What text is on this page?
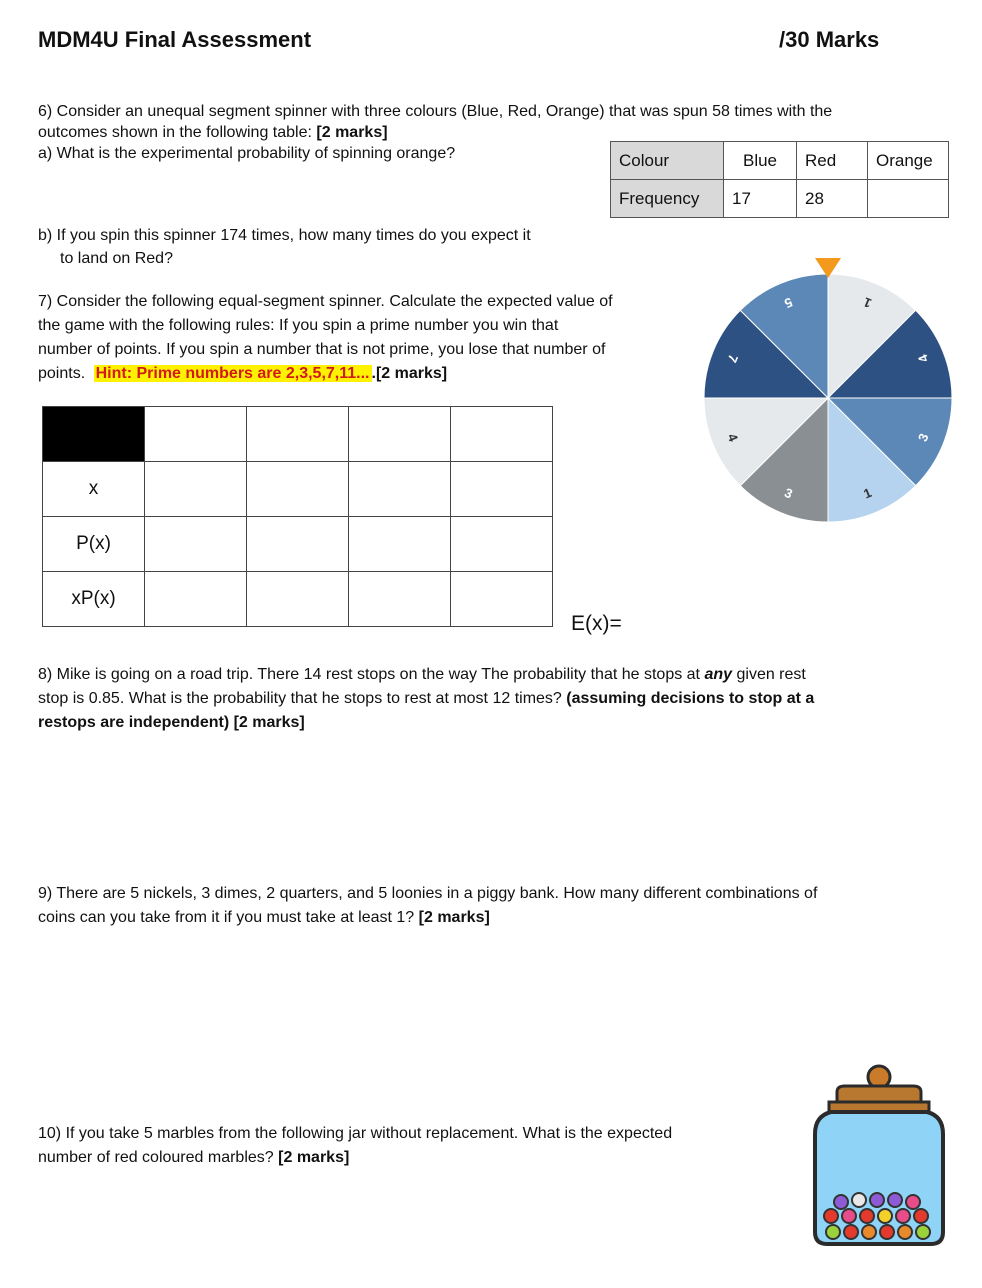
MDM4U Final Assessment	/30 Marks
6) Consider an unequal segment spinner with three colours (Blue, Red, Orange) that was spun 58 times with the
outcomes shown in the following table: [2 marks]
a) What is the experimental probability of spinning orange?	Colour	Blue	Red	Orange
Frequency	17	28	
b) If you spin this spinner 174 times, how many times do you expect it
to land on Red?
7) Consider the following equal-segment spinner. Calculate the expected value of
the game with the following rules: If you spin a prime number you win that
number of points. If you spin a number that is not prime, you lose that number of
points. Hint: Prime numbers are 2,3,5,7,11... .[2 marks]
1
4
3
1
3
4
7
5

x				
P(x)				
xP(x)				
E(x)=
8) Mike is going on a road trip. There 14 rest stops on the way The probability that he stops at any given rest
stop is 0.85. What is the probability that he stops to rest at most 12 times? (assuming decisions to stop at a
restops are independent) [2 marks]
9) There are 5 nickels, 3 dimes, 2 quarters, and 5 loonies in a piggy bank. How many different combinations of
coins can you take from it if you must take at least 1? [2 marks]
10) If you take 5 marbles from the following jar without replacement. What is the expected
number of red coloured marbles? [2 marks]
